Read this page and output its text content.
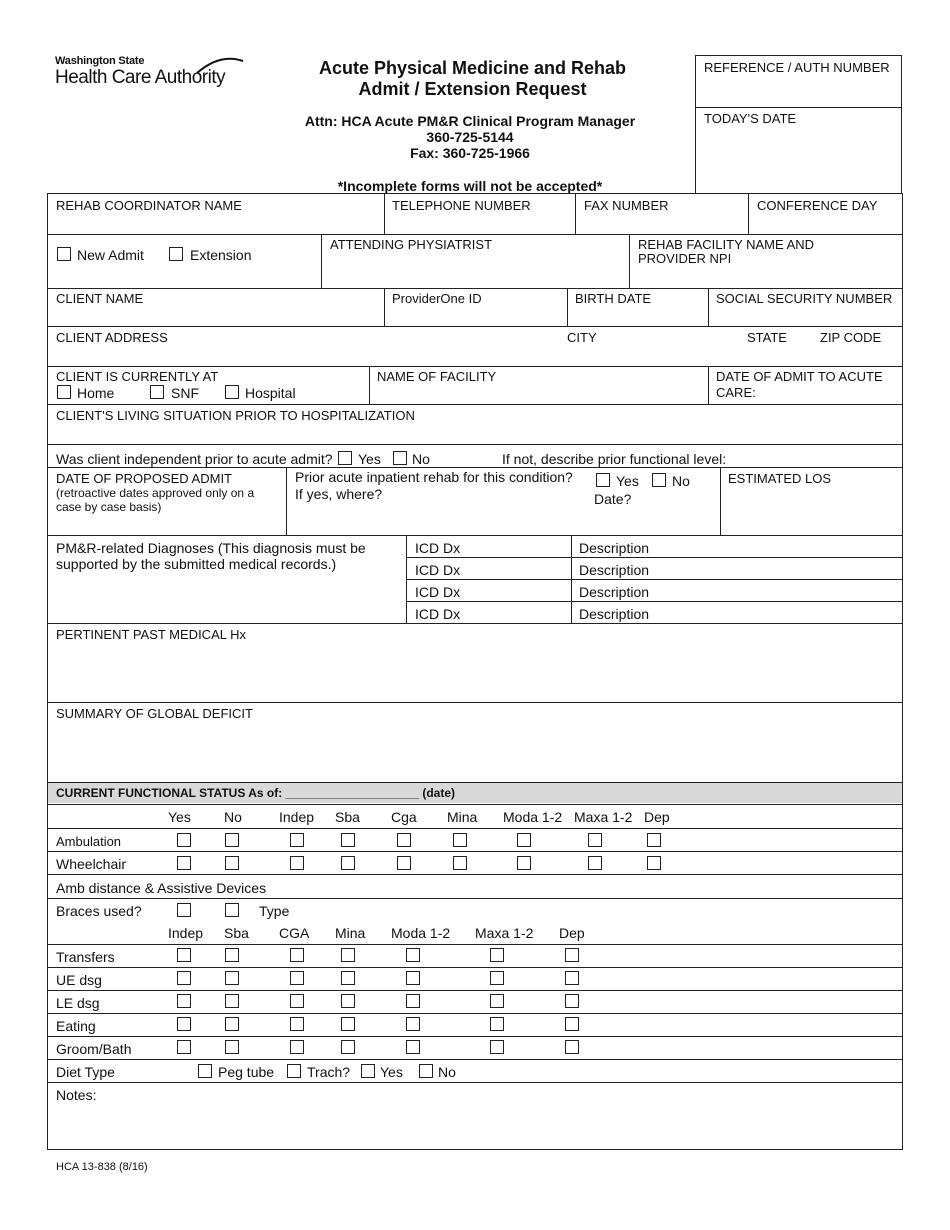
Washington State
Health Care Authority	Acute Physical Medicine and Rehab
Admit / Extension Request
Attn: HCA Acute PM&R Clinical Program Manager
360-725-5144
Fax: 360-725-1966
*Incomplete forms will not be accepted*
REFERENCE / AUTH NUMBER
TODAY'S DATE
REHAB COORDINATOR NAME	TELEPHONE NUMBER	FAX NUMBER	CONFERENCE DAY
New Admit	Extension
ATTENDING PHYSIATRIST	REHAB FACILITY NAME AND
PROVIDER NPI
CLIENT NAME	ProviderOne ID	BIRTH DATE	SOCIAL SECURITY NUMBER
CLIENT ADDRESS	CITY	STATE	ZIP CODE
CLIENT IS CURRENTLY AT
Home	SNF	Hospital
NAME OF FACILITY	DATE OF ADMIT TO ACUTE
CARE:
CLIENT'S LIVING SITUATION PRIOR TO HOSPITALIZATION
Was client independent prior to acute admit? Yes No	If not, describe prior functional level:
DATE OF PROPOSED ADMIT
(retroactive dates approved only on a
case by case basis)
Prior acute inpatient rehab for this condition?
If yes, where?
Yes No
Date?
ESTIMATED LOS
PM&R-related Diagnoses (This diagnosis must be
supported by the submitted medical records.)
ICD Dx	Description
ICD Dx	Description
ICD Dx	Description
ICD Dx	Description
PERTINENT PAST MEDICAL Hx
SUMMARY OF GLOBAL DEFICIT
CURRENT FUNCTIONAL STATUS As of: ____________________ (date)
Yes No	Indep Sba Cga Mina Moda 1-2 Maxa 1-2 Dep
Ambulation
Wheelchair
Amb distance & Assistive Devices
Braces used?	Type
Indep Sba CGA Mina Moda 1-2 Maxa 1-2 Dep
Transfers
UE dsg
LE dsg
Eating
Groom/Bath
Diet Type	Peg tube Trach? Yes	No
Notes:
HCA 13-838 (8/16)
